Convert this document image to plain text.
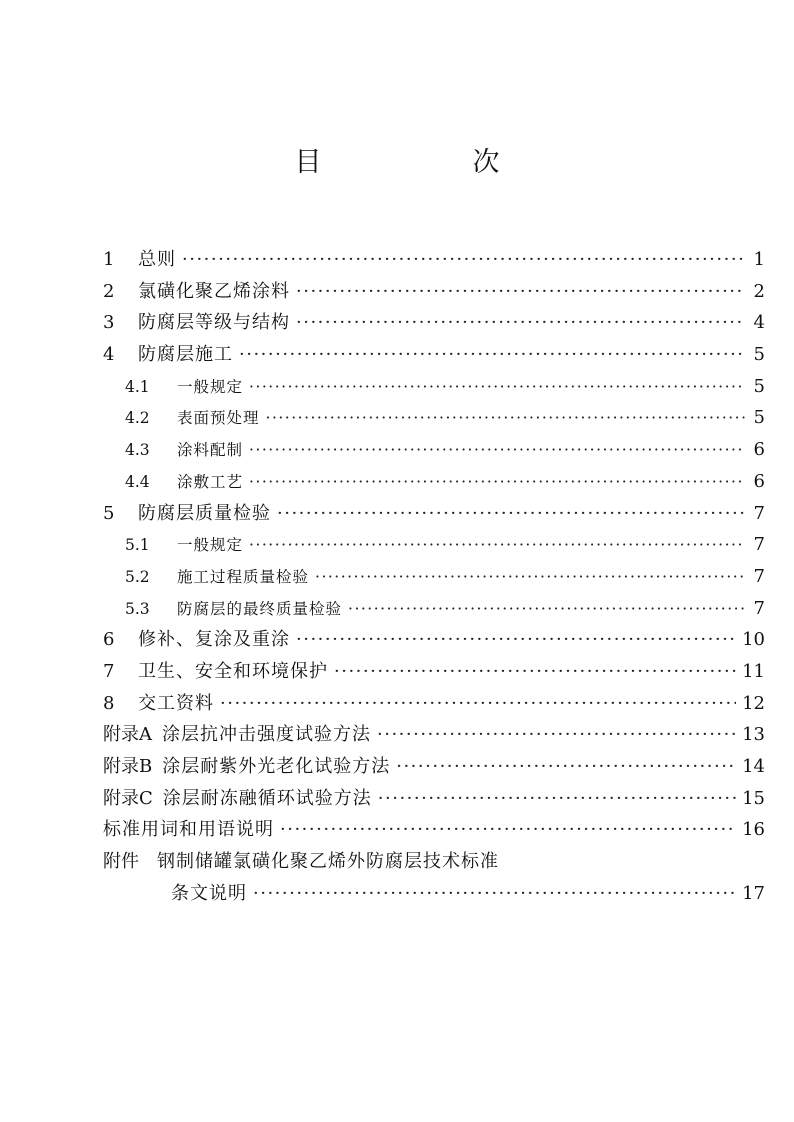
目　次
1	总则 ·····	1
2	氯磺化聚乙烯涂料 ·····	2
3	防腐层等级与结构 ·····	4
4	防腐层施工 ·····	5
4.1	一般规定 ·····	5
4.2	表面预处理 ·····	5
4.3	涂料配制 ·····	6
4.4	涂敷工艺 ·····	6
5	防腐层质量检验 ·····	7
5.1	一般规定 ·····	7
5.2	施工过程质量检验 ·····	7
5.3	防腐层的最终质量检验 ·····	7
6	修补、复涂及重涂 ·····	10
7	卫生、安全和环境保护 ·····	11
8	交工资料 ·····	12
附录A 涂层抗冲击强度试验方法 ·····	13
附录B 涂层耐紫外光老化试验方法 ·····	14
附录C 涂层耐冻融循环试验方法 ·····	15
标准用词和用语说明 ·····	16
附件 钢制储罐氯磺化聚乙烯外防腐层技术标准
条文说明 ·····	17
